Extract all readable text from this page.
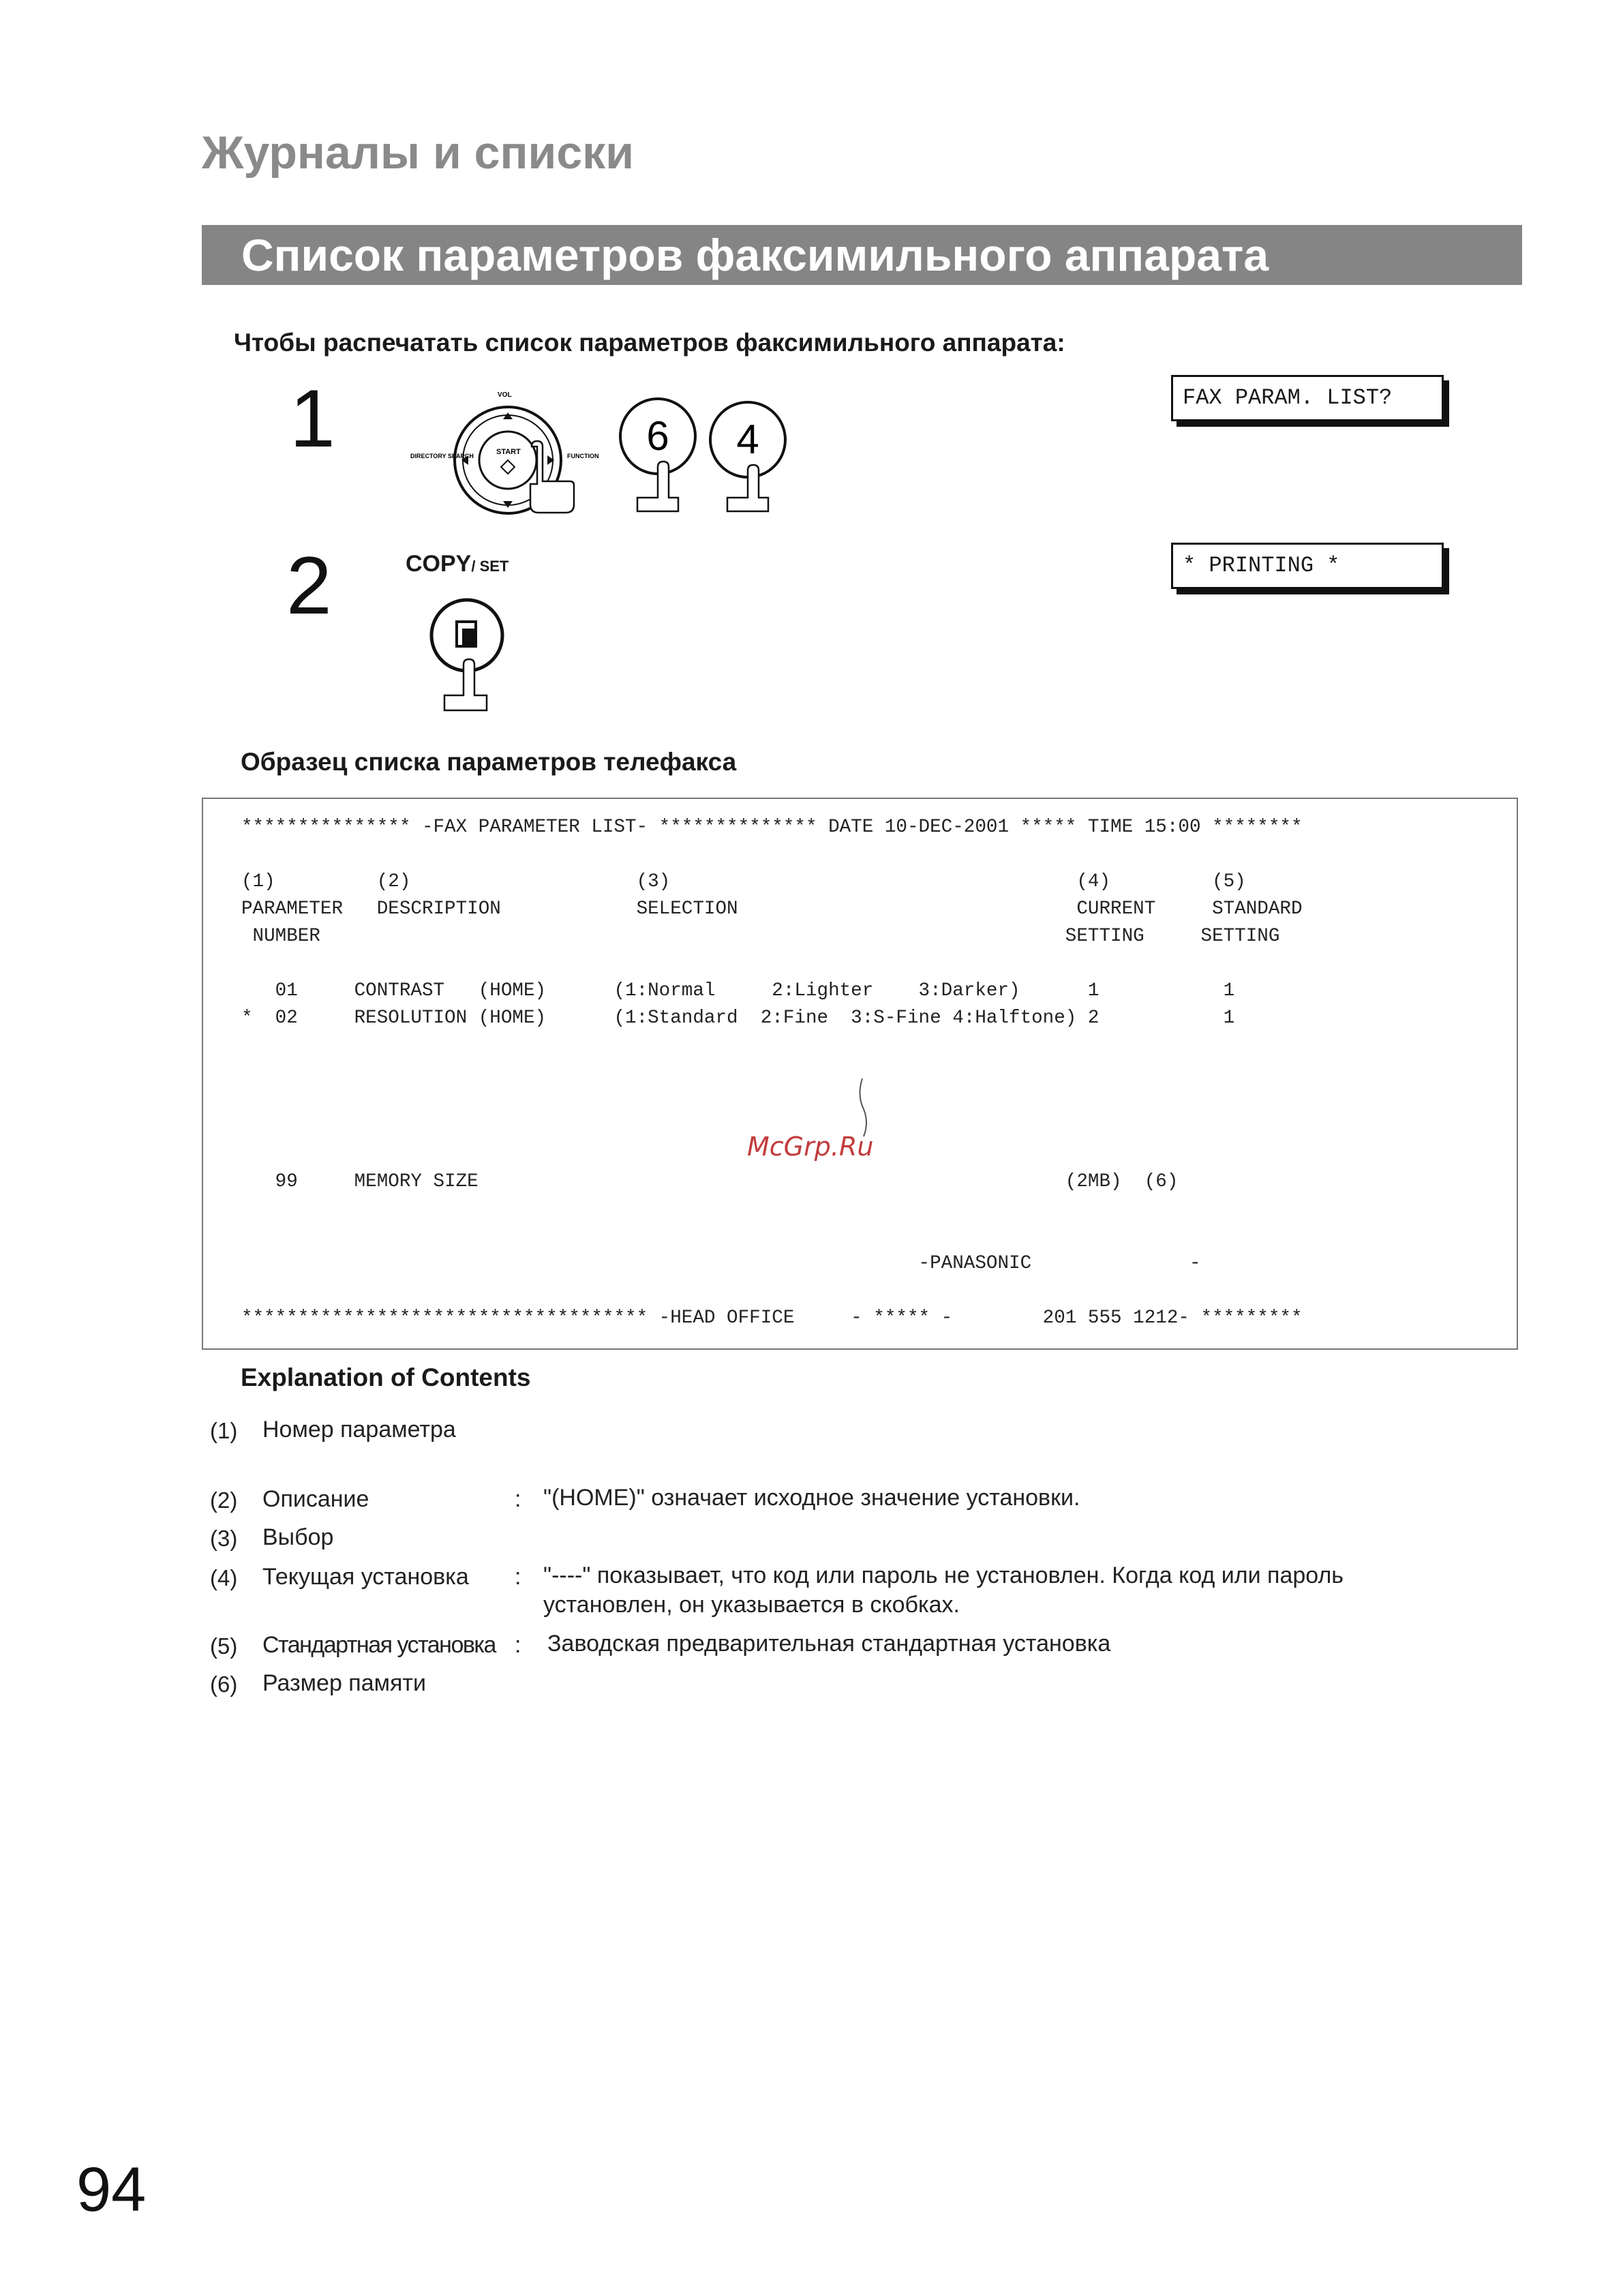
Журналы и списки
Список параметров факсимильного аппарата
Чтобы распечатать список параметров факсимильного аппарата:
1	VOL
DIRECTORY SEARCH	START	FUNCTION 6 4
FAX PARAM. LIST?
2	COPY/ SET	* PRINTING *
Образец списка параметров телефакса
*************** -FAX PARAMETER LIST- ************** DATE 10-DEC-2001 ***** TIME 15:00 ********

(1)         (2)                    (3)                                    (4)         (5)
PARAMETER   DESCRIPTION            SELECTION                              CURRENT     STANDARD
NUMBER                                                                  SETTING     SETTING

01     CONTRAST   (HOME)      (1:Normal     2:Lighter    3:Darker)      1           1
*  02     RESOLUTION (HOME)      (1:Standard  2:Fine  3:S-Fine 4:Halftone) 2           1

99     MEMORY SIZE                                                    (2MB)  (6)

-PANASONIC              -

************************************ -HEAD OFFICE     - ***** -        201 555 1212- *********
McGrp.Ru
Explanation of Contents
(1) Номер параметра
(2) Описание	: "(HOME)" означает исходное значение установки.
(3) Выбор
(4) Текущая установка : "----" показывает, что код или пароль не установлен. Когда код или пароль установлен, он указывается в скобках.
(5) Стандартная установка : Заводская предварительная стандартная установка
(6) Размер памяти
94
